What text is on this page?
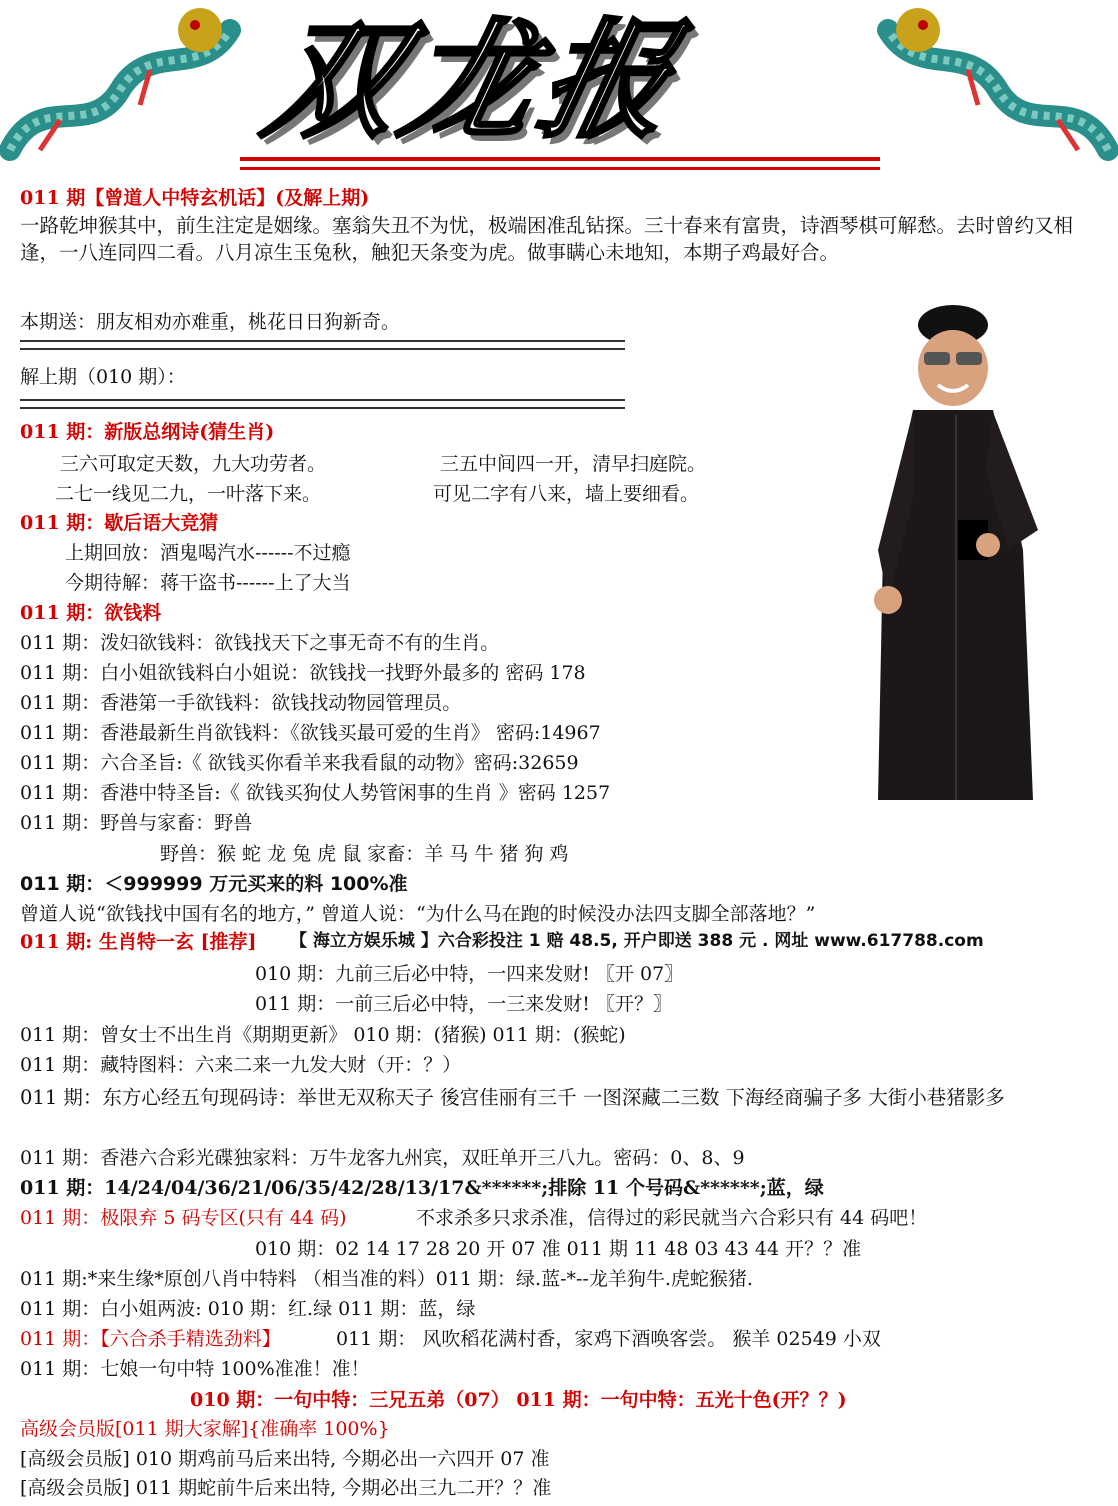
双龙报
011 期【曾道人中特玄机话】(及解上期)
一路乾坤猴其中，前生注定是姻缘。塞翁失丑不为忧，极端困准乱钻探。三十春来有富贵，诗酒琴棋可解愁。去时曾约又相逢，一八连同四二看。八月凉生玉兔秋，触犯天条变为虎。做事瞒心未地知，本期子鸡最好合。
本期送：朋友相劝亦难重，桃花日日狗新奇。
解上期（010 期）：
011 期：新版总纲诗(猜生肖)
三六可取定天数，九大功劳者。	三五中间四一开，清早扫庭院。
二七一线见二九，一叶落下来。	可见二字有八来，墙上要细看。
011 期：歇后语大竞猜
上期回放：酒鬼喝汽水------不过瘾
今期待解：蒋干盗书------上了大当
011 期：欲钱料
011 期：泼妇欲钱料：欲钱找天下之事无奇不有的生肖。
011 期：白小姐欲钱料白小姐说：欲钱找一找野外最多的 密码 178
011 期：香港第一手欲钱料：欲钱找动物园管理员。
011 期：香港最新生肖欲钱料：《欲钱买最可爱的生肖》 密码:14967
011 期：六合圣旨:《 欲钱买你看羊来我看鼠的动物》密码:32659
011 期：香港中特圣旨:《 欲钱买狗仗人势管闲事的生肖 》密码 1257
011 期：野兽与家畜：野兽
野兽：猴 蛇 龙 兔 虎 鼠 家畜：羊 马 牛 猪 狗 鸡
011 期：＜999999 万元买来的料 100%准
曾道人说“欲钱找中国有名的地方，” 曾道人说：“为什么马在跑的时候没办法四支脚全部落地？”
011 期: 生肖特一玄 [推荐] 【 海立方娱乐城 】六合彩投注 1 赔 48.5, 开户即送 388 元 . 网址 www.617788.com
010 期：九前三后必中特，一四来发财! 〖开 07〗
011 期：一前三后必中特，一三来发财! 〖开？〗
011 期：曾女士不出生肖《期期更新》 010 期：(猪猴) 011 期：(猴蛇)
011 期：藏特图料：六来二来一九发大财（开：？）
011 期：东方心经五句现码诗：举世无双称天子 後宫佳丽有三千 一图深藏二三数 下海经商骗子多 大街小巷猪影多
011 期：香港六合彩光碟独家料：万牛龙客九州宾，双旺单开三八九。密码：0、8、9
011 期：14/24/04/36/21/06/35/42/28/13/17&******;排除 11 个号码&******;蓝，绿
011 期：极限弃 5 码专区(只有 44 码)	不求杀多只求杀准，信得过的彩民就当六合彩只有 44 码吧！
010 期：02 14 17 28 20 开 07 准 011 期 11 48 03 43 44 开？？准
011 期:*来生缘*原创八肖中特料 （相当准的料）011 期：绿.蓝-*--龙羊狗牛.虎蛇猴猪.
011 期：白小姐两波: 010 期：红.绿 011 期：蓝，绿
011 期：【六合杀手精选劲料】	011 期： 风吹稻花满村香，家鸡下酒唤客尝。 猴羊 02549 小双
011 期：七娘一句中特 100%准准！准！
010 期：一句中特：三兄五弟（07） 011 期：一句中特：五光十色(开？？)
高级会员版[011 期大家解]{准确率 100%}
[高级会员版] 010 期鸡前马后来出特, 今期必出一六四开 07 准
[高级会员版] 011 期蛇前牛后来出特, 今期必出三九二开？？准
